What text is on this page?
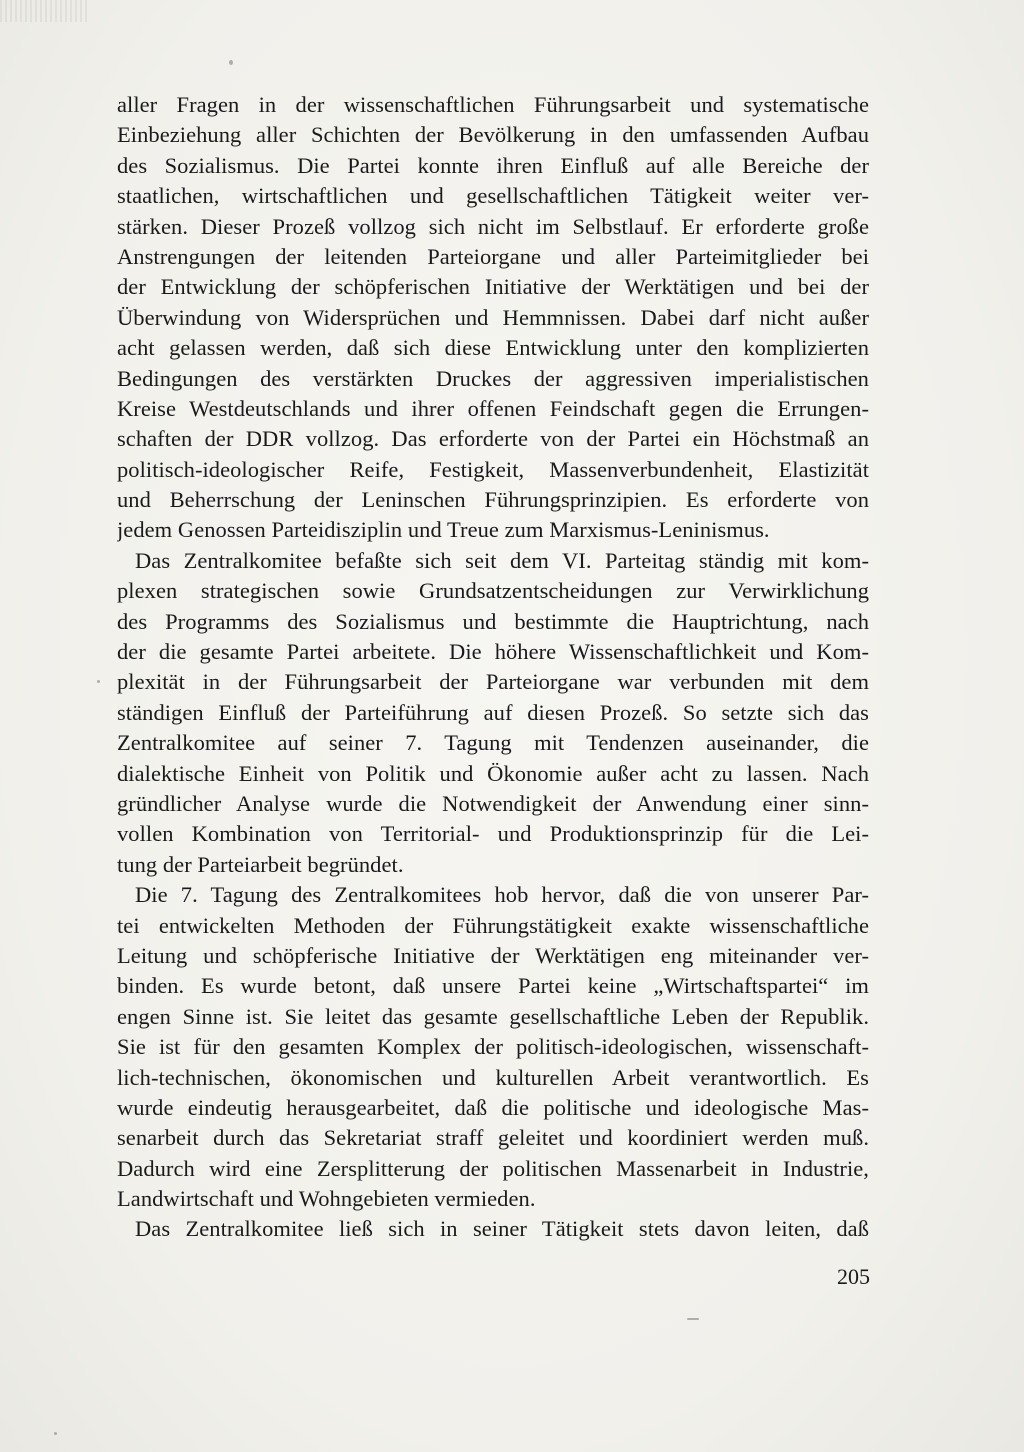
aller Fragen in der wissenschaftlichen Führungsarbeit und systematische
Einbeziehung aller Schichten der Bevölkerung in den umfassenden Aufbau
des Sozialismus. Die Partei konnte ihren Einfluß auf alle Bereiche der
staatlichen, wirtschaftlichen und gesellschaftlichen Tätigkeit weiter ver-
stärken. Dieser Prozeß vollzog sich nicht im Selbstlauf. Er erforderte große
Anstrengungen der leitenden Parteiorgane und aller Parteimitglieder bei
der Entwicklung der schöpferischen Initiative der Werktätigen und bei der
Überwindung von Widersprüchen und Hemmnissen. Dabei darf nicht außer
acht gelassen werden, daß sich diese Entwicklung unter den komplizierten
Bedingungen des verstärkten Druckes der aggressiven imperialistischen
Kreise Westdeutschlands und ihrer offenen Feindschaft gegen die Errungen-
schaften der DDR vollzog. Das erforderte von der Partei ein Höchstmaß an
politisch-ideologischer Reife, Festigkeit, Massenverbundenheit, Elastizität
und Beherrschung der Leninschen Führungsprinzipien. Es erforderte von
jedem Genossen Parteidisziplin und Treue zum Marxismus-Leninismus.
Das Zentralkomitee befaßte sich seit dem VI. Parteitag ständig mit kom-
plexen strategischen sowie Grundsatzentscheidungen zur Verwirklichung
des Programms des Sozialismus und bestimmte die Hauptrichtung, nach
der die gesamte Partei arbeitete. Die höhere Wissenschaftlichkeit und Kom-
plexität in der Führungsarbeit der Parteiorgane war verbunden mit dem
ständigen Einfluß der Parteiführung auf diesen Prozeß. So setzte sich das
Zentralkomitee auf seiner 7. Tagung mit Tendenzen auseinander, die
dialektische Einheit von Politik und Ökonomie außer acht zu lassen. Nach
gründlicher Analyse wurde die Notwendigkeit der Anwendung einer sinn-
vollen Kombination von Territorial- und Produktionsprinzip für die Lei-
tung der Parteiarbeit begründet.
Die 7. Tagung des Zentralkomitees hob hervor, daß die von unserer Par-
tei entwickelten Methoden der Führungstätigkeit exakte wissenschaftliche
Leitung und schöpferische Initiative der Werktätigen eng miteinander ver-
binden. Es wurde betont, daß unsere Partei keine „Wirtschaftspartei“ im
engen Sinne ist. Sie leitet das gesamte gesellschaftliche Leben der Republik.
Sie ist für den gesamten Komplex der politisch-ideologischen, wissenschaft-
lich-technischen, ökonomischen und kulturellen Arbeit verantwortlich. Es
wurde eindeutig herausgearbeitet, daß die politische und ideologische Mas-
senarbeit durch das Sekretariat straff geleitet und koordiniert werden muß.
Dadurch wird eine Zersplitterung der politischen Massenarbeit in Industrie,
Landwirtschaft und Wohngebieten vermieden.
Das Zentralkomitee ließ sich in seiner Tätigkeit stets davon leiten, daß
205
